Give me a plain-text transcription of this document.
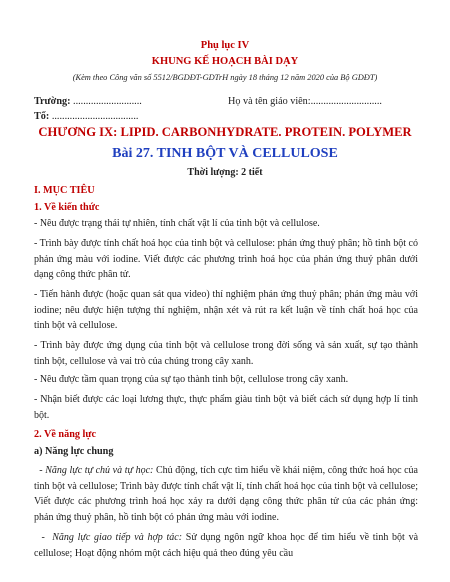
Phụ lục IV
KHUNG KẾ HOẠCH BÀI DẠY
(Kèm theo Công văn số 5512/BGDĐT-GDTrH ngày 18 tháng 12 năm 2020 của Bộ GDĐT)
Trường: ...........................	Họ và tên giáo viên:............................
Tổ: ..................................
CHƯƠNG IX: LIPID. CARBONHYDRATE. PROTEIN. POLYMER
Bài 27. TINH BỘT VÀ CELLULOSE
Thời lượng: 2 tiết
I. MỤC TIÊU
1. Về kiến thức
- Nêu được trạng thái tự nhiên, tính chất vật lí của tinh bột và cellulose.
- Trình bày được tính chất hoá học của tinh bột và cellulose: phản ứng thuỷ phân; hồ tinh bột có phản ứng màu với iodine. Viết được các phương trình hoá học của phản ứng thuỷ phân dưới dạng công thức phân tử.
- Tiến hành được (hoặc quan sát qua video) thí nghiệm phản ứng thuỷ phân; phản ứng màu với iodine; nêu được hiện tượng thí nghiệm, nhận xét và rút ra kết luận về tính chất hoá học của tinh bột và cellulose.
- Trình bày được ứng dụng của tinh bột và cellulose trong đời sống và sản xuất, sự tạo thành tinh bột, cellulose và vai trò của chúng trong cây xanh.
- Nêu được tầm quan trọng của sự tạo thành tinh bột, cellulose trong cây xanh.
- Nhận biết được các loại lương thực, thực phẩm giàu tinh bột và biết cách sử dụng hợp lí tinh bột.
2. Về năng lực
a) Năng lực chung
- Năng lực tự chủ và tự học: Chủ động, tích cực tìm hiểu về khái niệm, công thức hoá học của tinh bột và cellulose; Trình bày được tính chất vật lí, tính chất hoá học của tinh bột và cellulose; Viết được các phương trình hoá học xảy ra dưới dạng công thức phân tử của các phản ứng: phản ứng thuỷ phân, hồ tinh bột có phản ứng màu với iodine.
-  Năng lực giao tiếp và hợp tác: Sử dụng ngôn ngữ khoa học để tìm hiểu về tinh bột và cellulose; Hoạt động nhóm một cách hiệu quả theo đúng yêu cầu
